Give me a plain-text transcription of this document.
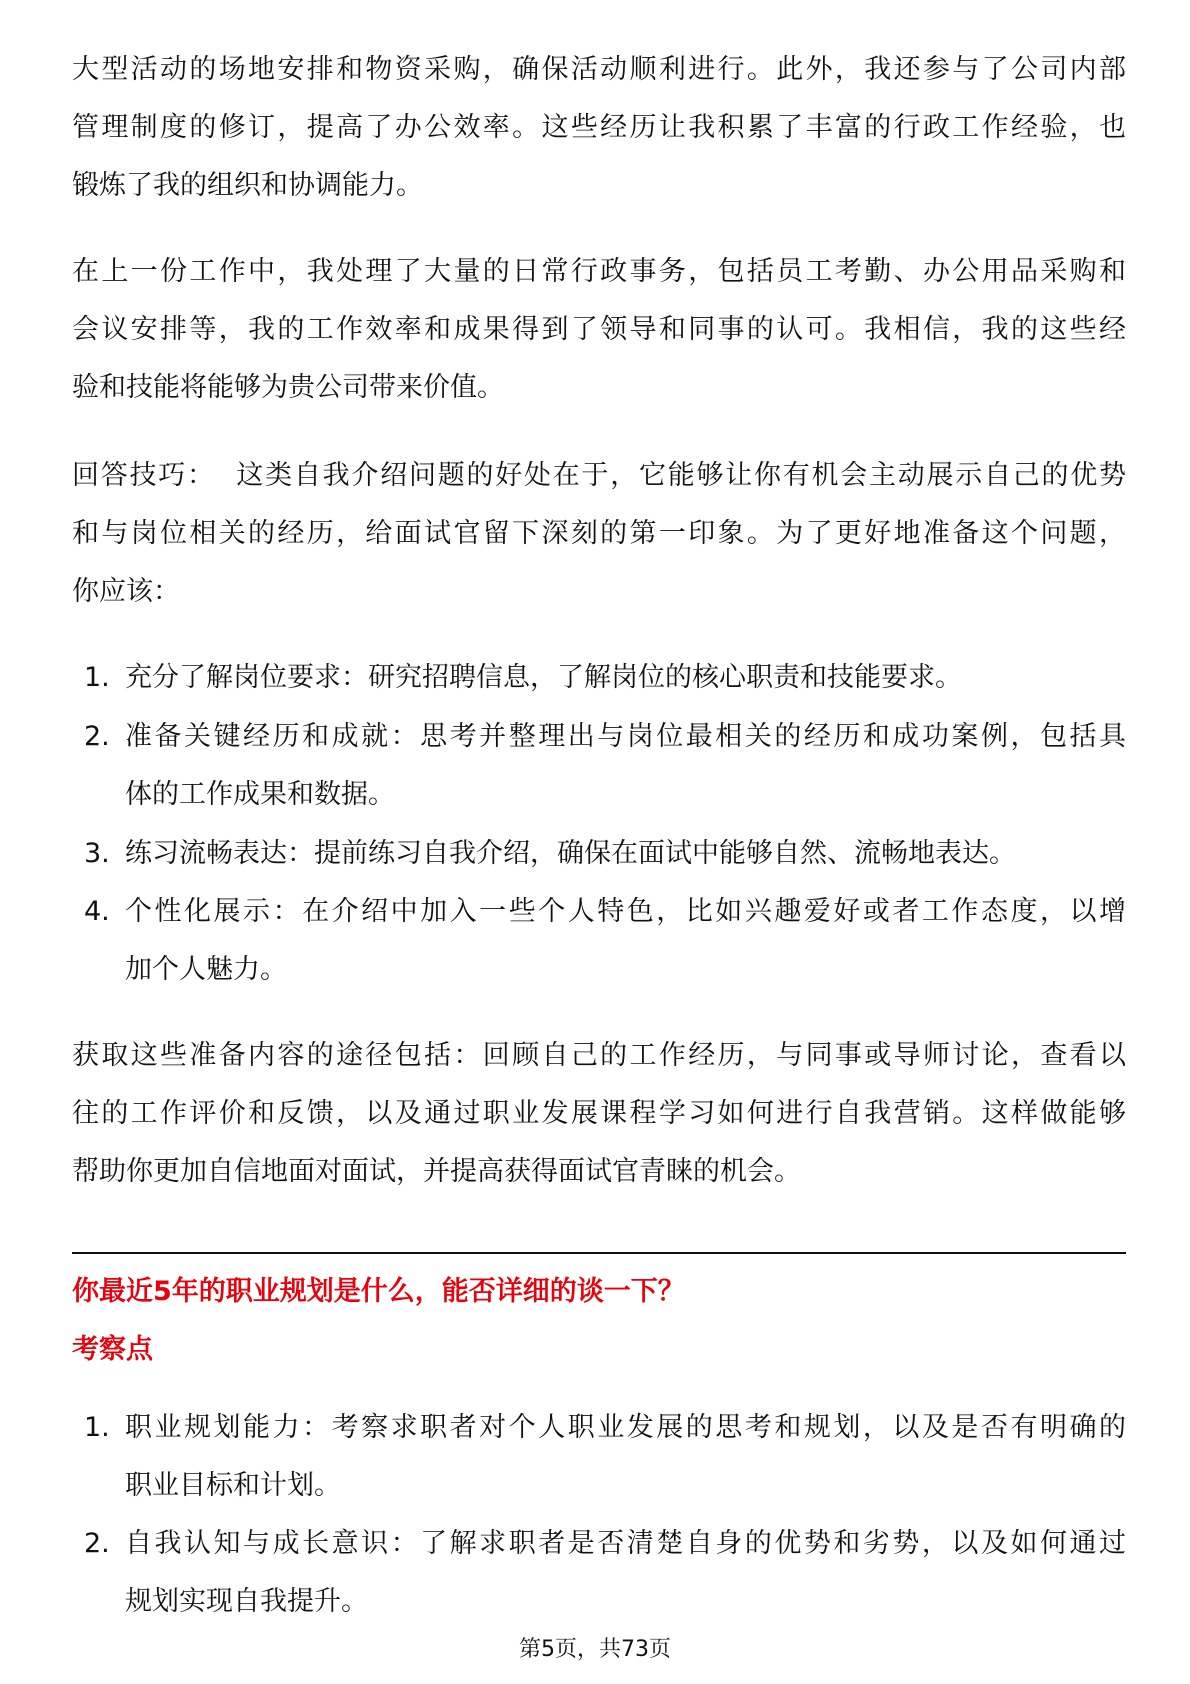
大型活动的场地安排和物资采购，确保活动顺利进行。此外，我还参与了公司内部
管理制度的修订，提高了办公效率。这些经历让我积累了丰富的行政工作经验，也
锻炼了我的组织和协调能力。
在上一份工作中，我处理了大量的日常行政事务，包括员工考勤、办公用品采购和
会议安排等，我的工作效率和成果得到了领导和同事的认可。我相信，我的这些经
验和技能将能够为贵公司带来价值。
回答技巧：  这类自我介绍问题的好处在于，它能够让你有机会主动展示自己的优势
和与岗位相关的经历，给面试官留下深刻的第一印象。为了更好地准备这个问题，
你应该：
1. 充分了解岗位要求：研究招聘信息，了解岗位的核心职责和技能要求。
2. 准备关键经历和成就：思考并整理出与岗位最相关的经历和成功案例，包括具
体的工作成果和数据。
3. 练习流畅表达：提前练习自我介绍，确保在面试中能够自然、流畅地表达。
4. 个性化展示：在介绍中加入一些个人特色，比如兴趣爱好或者工作态度，以增
加个人魅力。
获取这些准备内容的途径包括：回顾自己的工作经历，与同事或导师讨论，查看以
往的工作评价和反馈，以及通过职业发展课程学习如何进行自我营销。这样做能够
帮助你更加自信地面对面试，并提高获得面试官青睐的机会。
你最近5年的职业规划是什么，能否详细的谈一下？
考察点
1. 职业规划能力：考察求职者对个人职业发展的思考和规划，以及是否有明确的
职业目标和计划。
2. 自我认知与成长意识：了解求职者是否清楚自身的优势和劣势，以及如何通过
规划实现自我提升。
第5页，共73页
